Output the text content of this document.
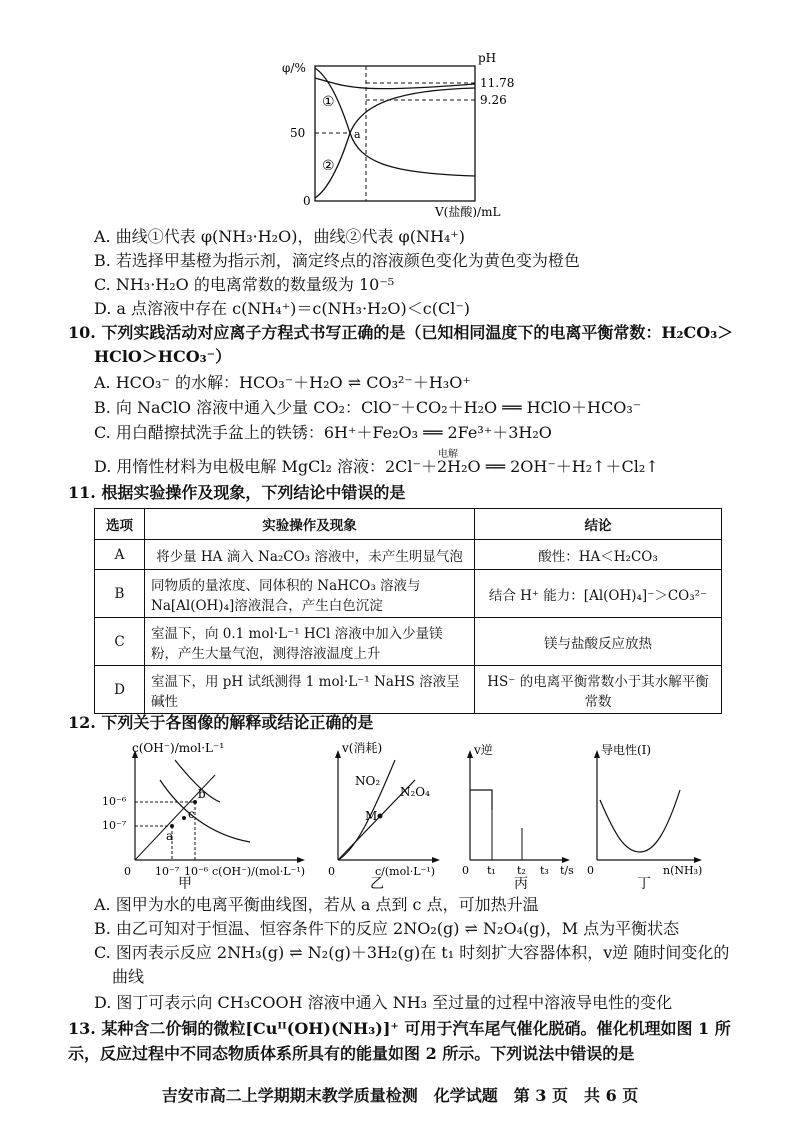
φ/%
pH
50
0
11.78
9.26
①
②
a
V(盐酸)/mL
A. 曲线①代表 φ(NH₃·H₂O)，曲线②代表 φ(NH₄⁺)
B. 若选择甲基橙为指示剂，滴定终点的溶液颜色变化为黄色变为橙色
C. NH₃·H₂O 的电离常数的数量级为 10⁻⁵
D. a 点溶液中存在 c(NH₄⁺)＝c(NH₃·H₂O)＜c(Cl⁻)
10. 下列实践活动对应离子方程式书写正确的是（已知相同温度下的电离平衡常数：H₂CO₃＞
HClO＞HCO₃⁻）
A. HCO₃⁻ 的水解：HCO₃⁻＋H₂O ⇌ CO₃²⁻＋H₃O⁺
B. 向 NaClO 溶液中通入少量 CO₂：ClO⁻＋CO₂＋H₂O ══ HClO＋HCO₃⁻
C. 用白醋擦拭洗手盆上的铁锈：6H⁺＋Fe₂O₃ ══ 2Fe³⁺＋3H₂O
电解
D. 用惰性材料为电极电解 MgCl₂ 溶液：2Cl⁻＋2H₂O ══ 2OH⁻＋H₂↑＋Cl₂↑
11. 根据实验操作及现象，下列结论中错误的是
选项	实验操作及现象	结论
A	将少量 HA 滴入 Na₂CO₃ 溶液中，未产生明显气泡	酸性：HA＜H₂CO₃
B	同物质的量浓度、同体积的 NaHCO₃ 溶液与 Na[Al(OH)₄]溶液混合，产生白色沉淀	结合 H⁺ 能力：[Al(OH)₄]⁻＞CO₃²⁻
C	室温下，向 0.1 mol·L⁻¹ HCl 溶液中加入少量镁粉，产生大量气泡，测得溶液温度上升	镁与盐酸反应放热
D	室温下，用 pH 试纸测得 1 mol·L⁻¹ NaHS 溶液呈碱性	HS⁻ 的电离平衡常数小于其水解平衡常数
12. 下列关于各图像的解释或结论正确的是
c(OH⁻)/mol·L⁻¹
10⁻⁶
10⁻⁷
10⁻⁷ 10⁻⁶ c(OH⁻)/(mol·L⁻¹)
0
b
c
a
甲
v(消耗)
NO₂
N₂O₄
M
c/(mol·L⁻¹)
0
乙
v逆
t₁ t₂ t₃ t/s
0
丙
导电性(I)
n(NH₃)
0
丁
A. 图甲为水的电离平衡曲线图，若从 a 点到 c 点，可加热升温
B. 由乙可知对于恒温、恒容条件下的反应 2NO₂(g) ⇌ N₂O₄(g)，M 点为平衡状态
C. 图丙表示反应 2NH₃(g) ⇌ N₂(g)＋3H₂(g)在 t₁ 时刻扩大容器体积，v逆 随时间变化的
曲线
D. 图丁可表示向 CH₃COOH 溶液中通入 NH₃ 至过量的过程中溶液导电性的变化
13. 某种含二价铜的微粒[Cuᴵᴵ(OH)(NH₃)]⁺ 可用于汽车尾气催化脱硝。催化机理如图 1 所
示，反应过程中不同态物质体系所具有的能量如图 2 所示。下列说法中错误的是
吉安市高二上学期期末教学质量检测　化学试题　第 3 页　共 6 页
